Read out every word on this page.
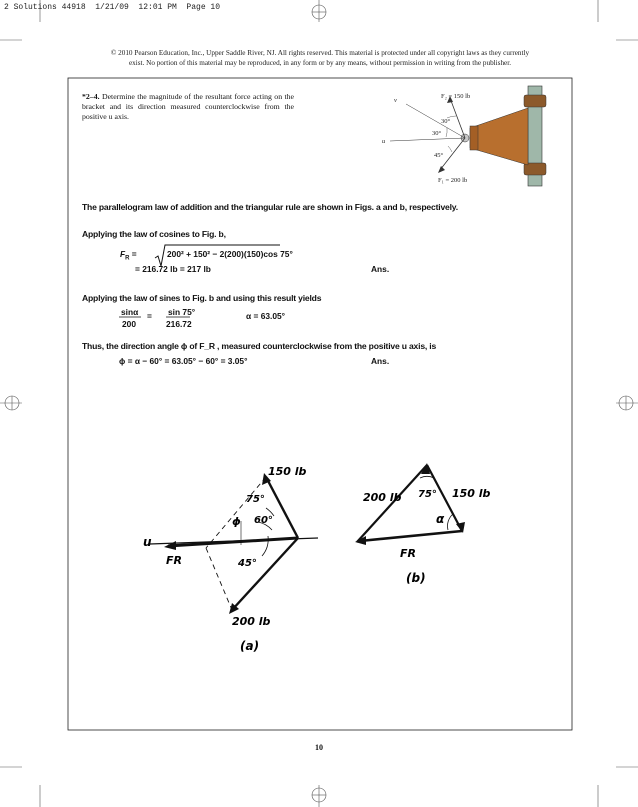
F₂ = 150 lb
F₁ = 200 lb
v
u
30°
30°
45°
150 lb
200 lb
u
FR
75°
60°
45°
ϕ
(a)
200 lb	150 lb
75°
α
FR
(b)
2 Solutions 44918  1/21/09  12:01 PM  Page 10
© 2010 Pearson Education, Inc., Upper Saddle River, NJ. All rights reserved. This material is protected under all copyright laws as they currently
exist. No portion of this material may be reproduced, in any form or by any means, without permission in writing from the publisher.
*2–4. Determine the magnitude of the resultant force acting on the bracket and its direction measured counterclockwise from the positive u axis.
The parallelogram law of addition and the triangular rule are shown in Figs. a and b, respectively.
Applying the law of cosines to Fig. b,
$F_R$ =	200² + 150² − 2(200)(150)cos 75°
= 216.72 lb = 217 lb	Ans.
Applying the law of sines to Fig. b and using this result yields
sinα
200
= sin 75°
216.72
α = 63.05°
Thus, the direction angle ϕ of F_R , measured counterclockwise from the positive u axis, is
ϕ = α − 60° = 63.05° − 60° = 3.05°	Ans.
10
